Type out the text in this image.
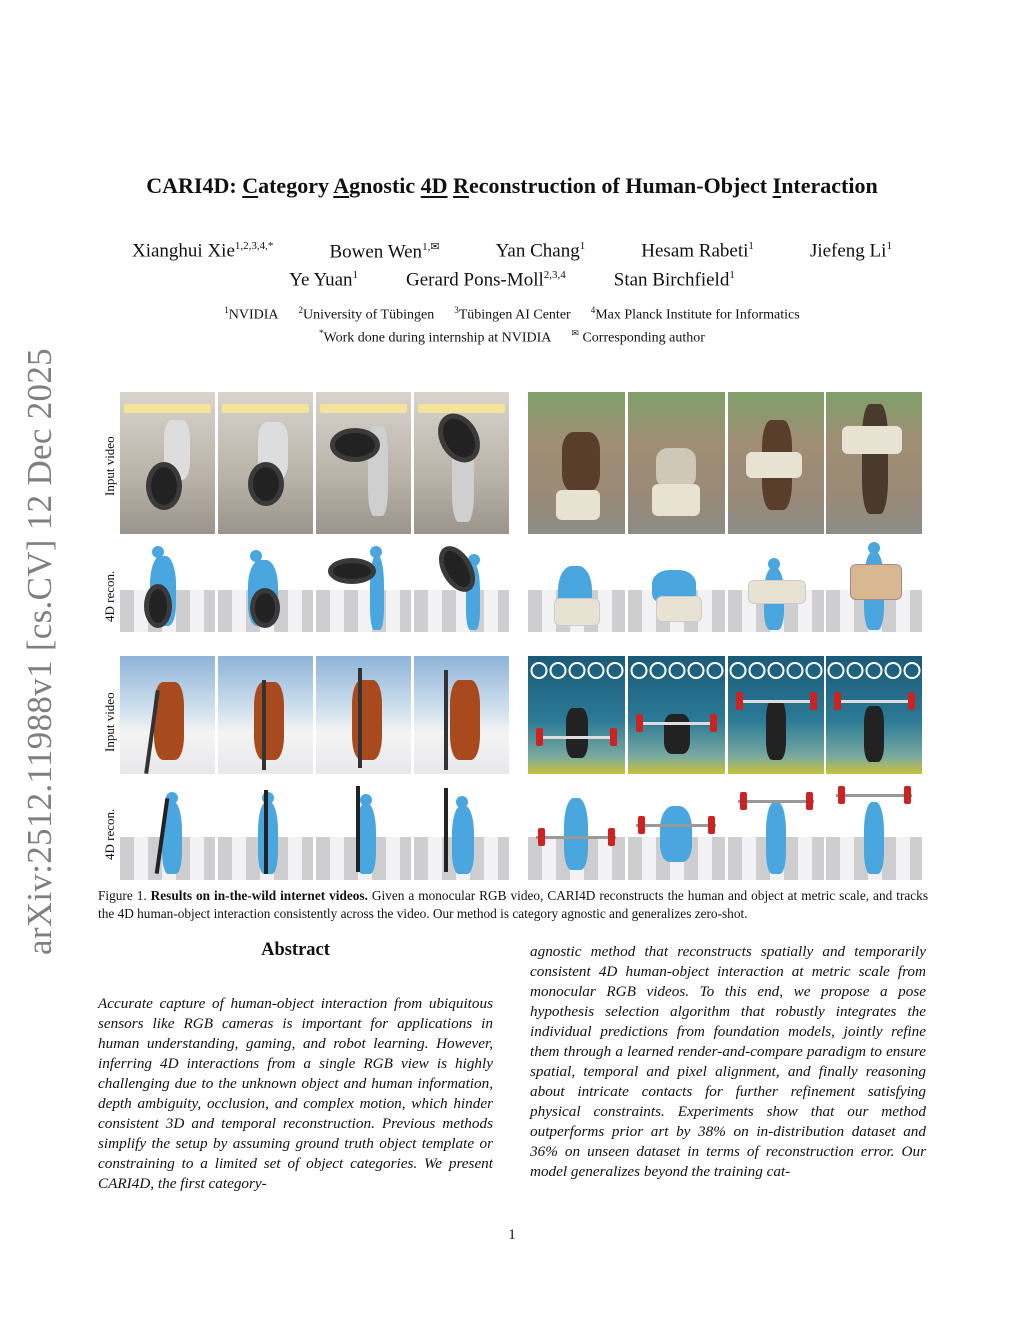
arXiv:2512.11988v1 [cs.CV] 12 Dec 2025
CARI4D: Category Agnostic 4D Reconstruction of Human-Object Interaction
Xianghui Xie$^{1,2,3,4,*}$	Bowen Wen$^{1,✉}$	Yan Chang$^1$	Hesam Rabeti$^1$	Jiefeng Li$^1$
Ye Yuan$^1$	Gerard Pons-Moll$^{2,3,4}$	Stan Birchfield$^1$
$^1$NVIDIA $^2$University of Tübingen $^3$Tübingen AI Center $^4$Max Planck Institute for Informatics
*Work done during internship at NVIDIA ✉ Corresponding author
Input video
4D recon.
Input video
4D recon.
Figure 1. Results on in-the-wild internet videos. Given a monocular RGB video, CARI4D reconstructs the human and object at metric scale, and tracks the 4D human-object interaction consistently across the video. Our method is category agnostic and generalizes zero-shot.
Abstract
Accurate capture of human-object interaction from ubiquitous sensors like RGB cameras is important for applications in human understanding, gaming, and robot learning. However, inferring 4D interactions from a single RGB view is highly challenging due to the unknown object and human information, depth ambiguity, occlusion, and complex motion, which hinder consistent 3D and temporal reconstruction. Previous methods simplify the setup by assuming ground truth object template or constraining to a limited set of object categories. We present CARI4D, the first category-
agnostic method that reconstructs spatially and temporarily consistent 4D human-object interaction at metric scale from monocular RGB videos. To this end, we propose a pose hypothesis selection algorithm that robustly integrates the individual predictions from foundation models, jointly refine them through a learned render-and-compare paradigm to ensure spatial, temporal and pixel alignment, and finally reasoning about intricate contacts for further refinement satisfying physical constraints. Experiments show that our method outperforms prior art by 38% on in-distribution dataset and 36% on unseen dataset in terms of reconstruction error. Our model generalizes beyond the training cat-
1
